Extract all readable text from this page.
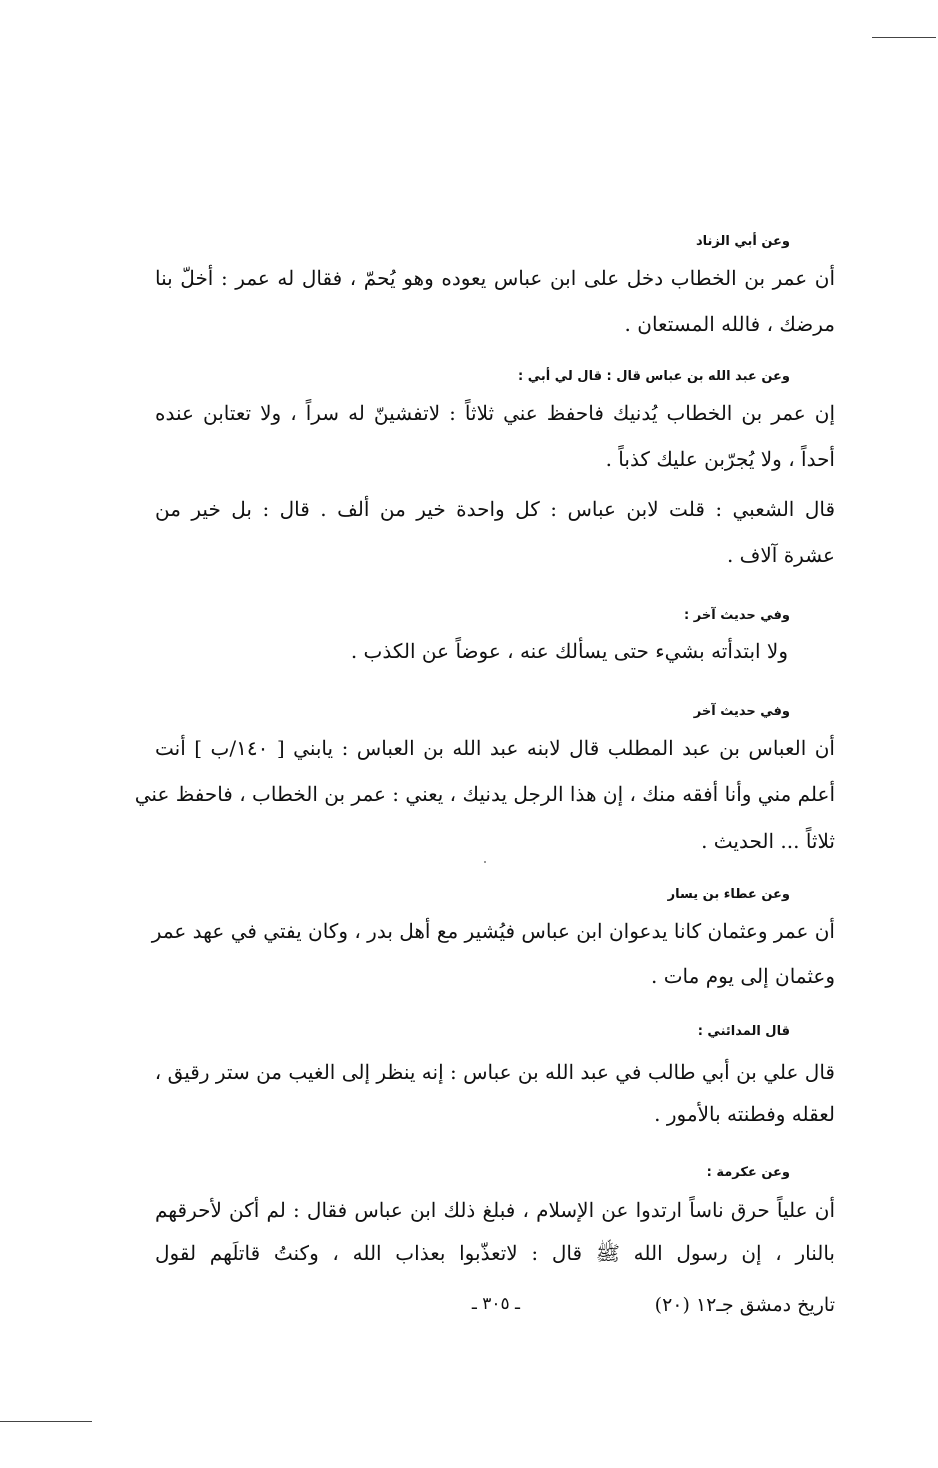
وعن أبي الزناد
أن عمر بن الخطاب دخل على ابن عباس يعوده وهو يُحمّ ، فقال له عمر : أخلّ بنا
مرضك ، فالله المستعان .
وعن عبد الله بن عباس قال : قال لي أبي :
إن عمر بن الخطاب يُدنيك فاحفظ عني ثلاثاً : لاتفشينّ له سراً ، ولا تعتابن عنده
أحداً ، ولا يُجرّبن عليك كذباً .
قال الشعبي : قلت لابن عباس : كل واحدة خير من ألف . قال : بل خير من
عشرة آلاف .
وفي حديث آخر :
ولا ابتدأته بشيء حتى يسألك عنه ، عوضاً عن الكذب .
وفي حديث آخر
أن العباس بن عبد المطلب قال لابنه عبد الله بن العباس : يابني [ ١٤٠/ب ] أنت
أعلم مني وأنا أفقه منك ، إن هذا الرجل يدنيك ، يعني : عمر بن الخطاب ، فاحفظ عني
ثلاثاً ... الحديث .
وعن عطاء بن يسار
أن عمر وعثمان كانا يدعوان ابن عباس فيُشير مع أهل بدر ، وكان يفتي في عهد عمر
وعثمان إلى يوم مات .
قال المدائني :
قال علي بن أبي طالب في عبد الله بن عباس : إنه ينظر إلى الغيب من ستر رقيق ،
لعقله وفطنته بالأمور .
وعن عكرمة :
أن علياً حرق ناساً ارتدوا عن الإسلام ، فبلغ ذلك ابن عباس فقال : لم أكن لأحرقهم
بالنار ، إن رسول الله ﷺ قال : لاتعذّبوا بعذاب الله ، وكنتُ قاتلَهم لقول
تاريخ دمشق جـ١٢ (٢٠)
ـ ٣٠٥ ـ
